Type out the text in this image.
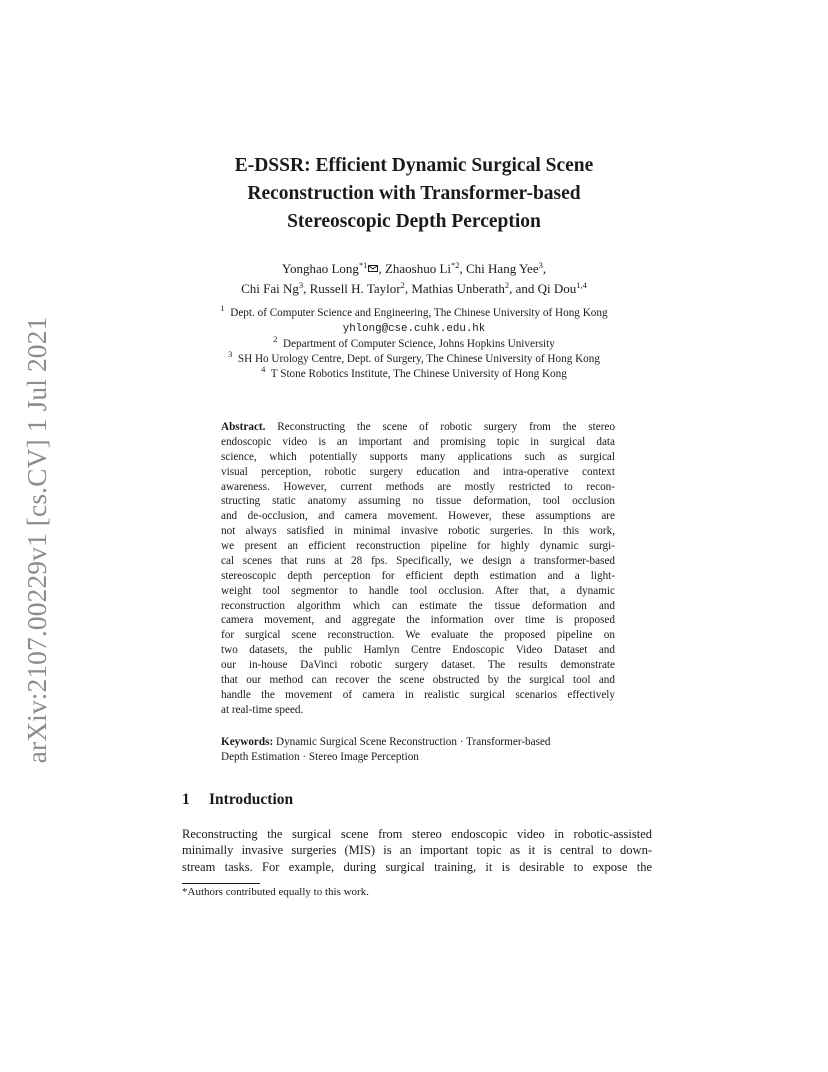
arXiv:2107.00229v1 [cs.CV] 1 Jul 2021
E-DSSR: Efficient Dynamic Surgical Scene
Reconstruction with Transformer-based
Stereoscopic Depth Perception
Yonghao Long$^{*1}$ , Zhaoshuo Li$^{*2}$, Chi Hang Yee$^3$,
Chi Fai Ng$^3$, Russell H. Taylor$^2$, Mathias Unberath$^2$, and Qi Dou$^{1,4}$
$^1$ Dept. of Computer Science and Engineering, The Chinese University of Hong Kong
yhlong@cse.cuhk.edu.hk
$^2$ Department of Computer Science, Johns Hopkins University
$^3$ SH Ho Urology Centre, Dept. of Surgery, The Chinese University of Hong Kong
$^4$ T Stone Robotics Institute, The Chinese University of Hong Kong
Abstract. Reconstructing the scene of robotic surgery from the stereo
endoscopic video is an important and promising topic in surgical data
science, which potentially supports many applications such as surgical
visual perception, robotic surgery education and intra-operative context
awareness. However, current methods are mostly restricted to recon-
structing static anatomy assuming no tissue deformation, tool occlusion
and de-occlusion, and camera movement. However, these assumptions are
not always satisfied in minimal invasive robotic surgeries. In this work,
we present an efficient reconstruction pipeline for highly dynamic surgi-
cal scenes that runs at 28 fps. Specifically, we design a transformer-based
stereoscopic depth perception for efficient depth estimation and a light-
weight tool segmentor to handle tool occlusion. After that, a dynamic
reconstruction algorithm which can estimate the tissue deformation and
camera movement, and aggregate the information over time is proposed
for surgical scene reconstruction. We evaluate the proposed pipeline on
two datasets, the public Hamlyn Centre Endoscopic Video Dataset and
our in-house DaVinci robotic surgery dataset. The results demonstrate
that our method can recover the scene obstructed by the surgical tool and
handle the movement of camera in realistic surgical scenarios effectively
at real-time speed.
Keywords: Dynamic Surgical Scene Reconstruction · Transformer-based
Depth Estimation · Stereo Image Perception
1 Introduction
Reconstructing the surgical scene from stereo endoscopic video in robotic-assisted
minimally invasive surgeries (MIS) is an important topic as it is central to down-
stream tasks. For example, during surgical training, it is desirable to expose the
*Authors contributed equally to this work.
